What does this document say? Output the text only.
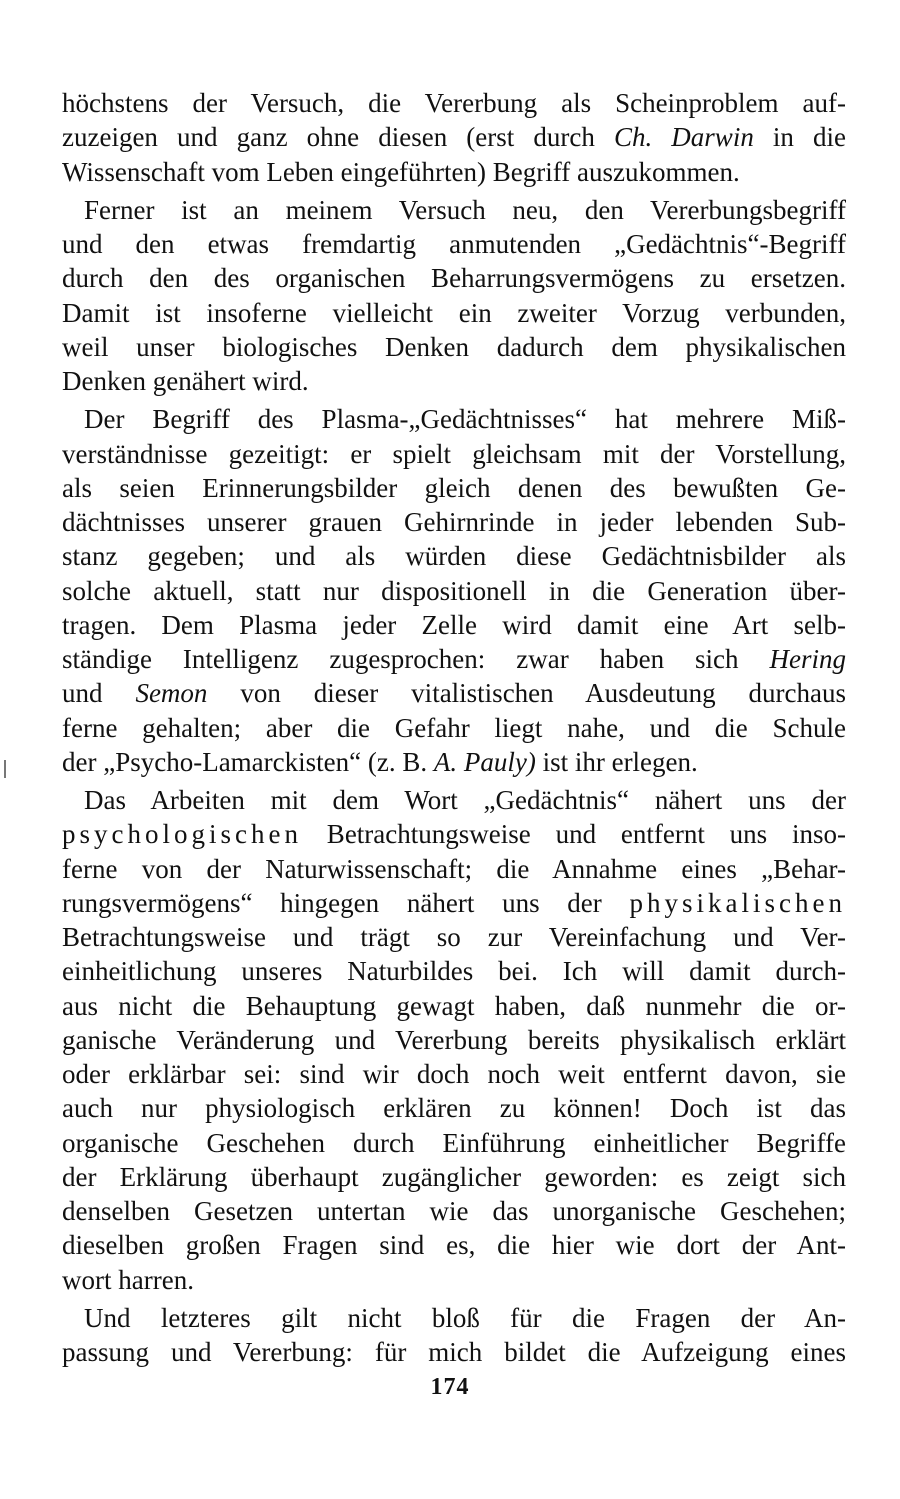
höchstens der Versuch, die Vererbung als Scheinproblem auf-
zuzeigen und ganz ohne diesen (erst durch Ch. Darwin in die
Wissenschaft vom Leben eingeführten) Begriff auszukommen.
Ferner ist an meinem Versuch neu, den Vererbungsbegriff
und den etwas fremdartig anmutenden „Gedächtnis“-Begriff
durch den des organischen Beharrungsvermögens zu ersetzen.
Damit ist insoferne vielleicht ein zweiter Vorzug verbunden,
weil unser biologisches Denken dadurch dem physikalischen
Denken genähert wird.
Der Begriff des Plasma-„Gedächtnisses“ hat mehrere Miß-
verständnisse gezeitigt: er spielt gleichsam mit der Vorstellung,
als seien Erinnerungsbilder gleich denen des bewußten Ge-
dächtnisses unserer grauen Gehirnrinde in jeder lebenden Sub-
stanz gegeben; und als würden diese Gedächtnisbilder als
solche aktuell, statt nur dispositionell in die Generation über-
tragen. Dem Plasma jeder Zelle wird damit eine Art selb-
ständige Intelligenz zugesprochen: zwar haben sich Hering
und Semon von dieser vitalistischen Ausdeutung durchaus
ferne gehalten; aber die Gefahr liegt nahe, und die Schule
der „Psycho-Lamarckisten“ (z. B. A. Pauly) ist ihr erlegen.
Das Arbeiten mit dem Wort „Gedächtnis“ nähert uns der
psychologischen Betrachtungsweise und entfernt uns inso-
ferne von der Naturwissenschaft; die Annahme eines „Behar-
rungsvermögens“ hingegen nähert uns der physikalischen
Betrachtungsweise und trägt so zur Vereinfachung und Ver-
einheitlichung unseres Naturbildes bei. Ich will damit durch-
aus nicht die Behauptung gewagt haben, daß nunmehr die or-
ganische Veränderung und Vererbung bereits physikalisch erklärt
oder erklärbar sei: sind wir doch noch weit entfernt davon, sie
auch nur physiologisch erklären zu können! Doch ist das
organische Geschehen durch Einführung einheitlicher Begriffe
der Erklärung überhaupt zugänglicher geworden: es zeigt sich
denselben Gesetzen untertan wie das unorganische Geschehen;
dieselben großen Fragen sind es, die hier wie dort der Ant-
wort harren.
Und letzteres gilt nicht bloß für die Fragen der An-
passung und Vererbung: für mich bildet die Aufzeigung eines
174
